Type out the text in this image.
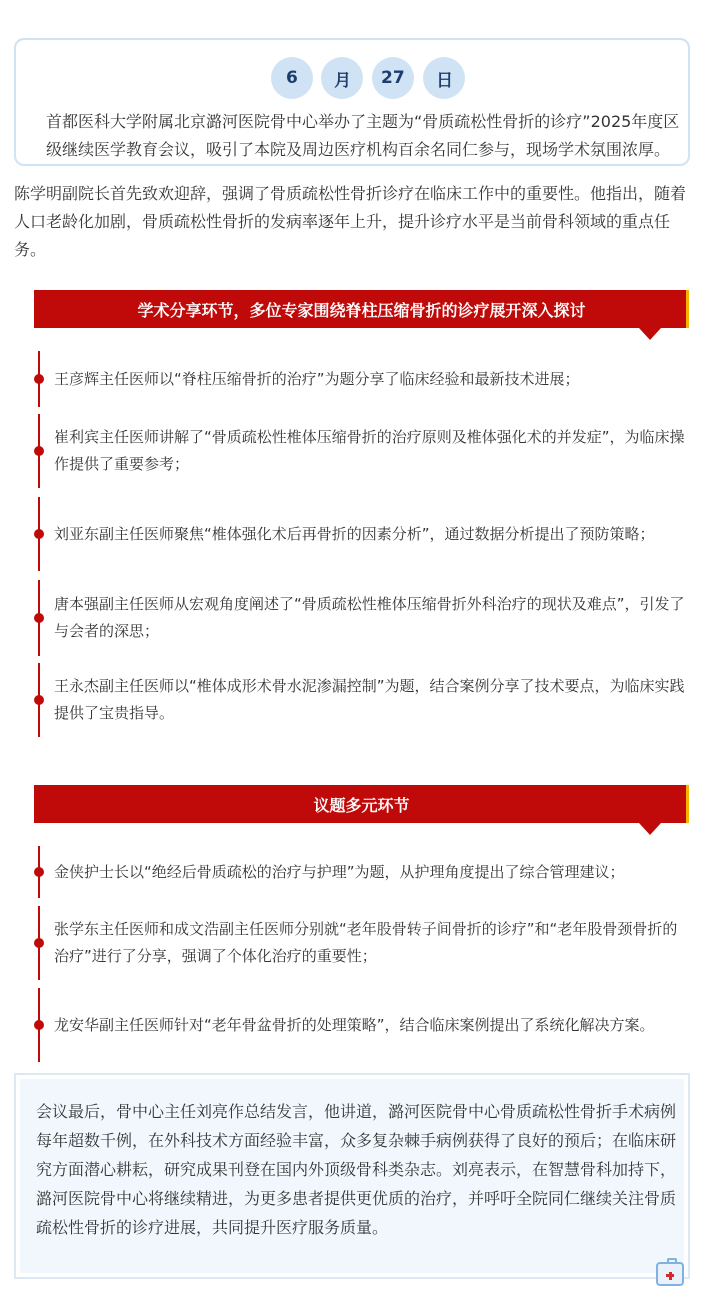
6 月 27 日

首都医科大学附属北京潞河医院骨中心举办了主题为“骨质疏松性骨折的诊疗”2025年度区级继续医学教育会议，吸引了本院及周边医疗机构百余名同仁参与，现场学术氛围浓厚。

陈学明副院长首先致欢迎辞，强调了骨质疏松性骨折诊疗在临床工作中的重要性。他指出，随着人口老龄化加剧，骨质疏松性骨折的发病率逐年上升，提升诊疗水平是当前骨科领域的重点任务。

学术分享环节，多位专家围绕脊柱压缩骨折的诊疗展开深入探讨
王彦辉主任医师以“脊柱压缩骨折的治疗”为题分享了临床经验和最新技术进展；
崔利宾主任医师讲解了“骨质疏松性椎体压缩骨折的治疗原则及椎体强化术的并发症”，为临床操作提供了重要参考；
刘亚东副主任医师聚焦“椎体强化术后再骨折的因素分析”，通过数据分析提出了预防策略；
唐本强副主任医师从宏观角度阐述了“骨质疏松性椎体压缩骨折外科治疗的现状及难点”，引发了与会者的深思；
王永杰副主任医师以“椎体成形术骨水泥渗漏控制”为题，结合案例分享了技术要点，为临床实践提供了宝贵指导。
议题多元环节
金侠护士长以“绝经后骨质疏松的治疗与护理”为题，从护理角度提出了综合管理建议；
张学东主任医师和成文浩副主任医师分别就“老年股骨转子间骨折的诊疗”和“老年股骨颈骨折的治疗”进行了分享，强调了个体化治疗的重要性；
龙安华副主任医师针对“老年骨盆骨折的处理策略”，结合临床案例提出了系统化解决方案。

会议最后，骨中心主任刘亮作总结发言，他讲道，潞河医院骨中心骨质疏松性骨折手术病例每年超数千例，在外科技术方面经验丰富，众多复杂棘手病例获得了良好的预后；在临床研究方面潜心耕耘，研究成果刊登在国内外顶级骨科类杂志。刘亮表示，在智慧骨科加持下，潞河医院骨中心将继续精进，为更多患者提供更优质的治疗，并呼吁全院同仁继续关注骨质疏松性骨折的诊疗进展，共同提升医疗服务质量。
